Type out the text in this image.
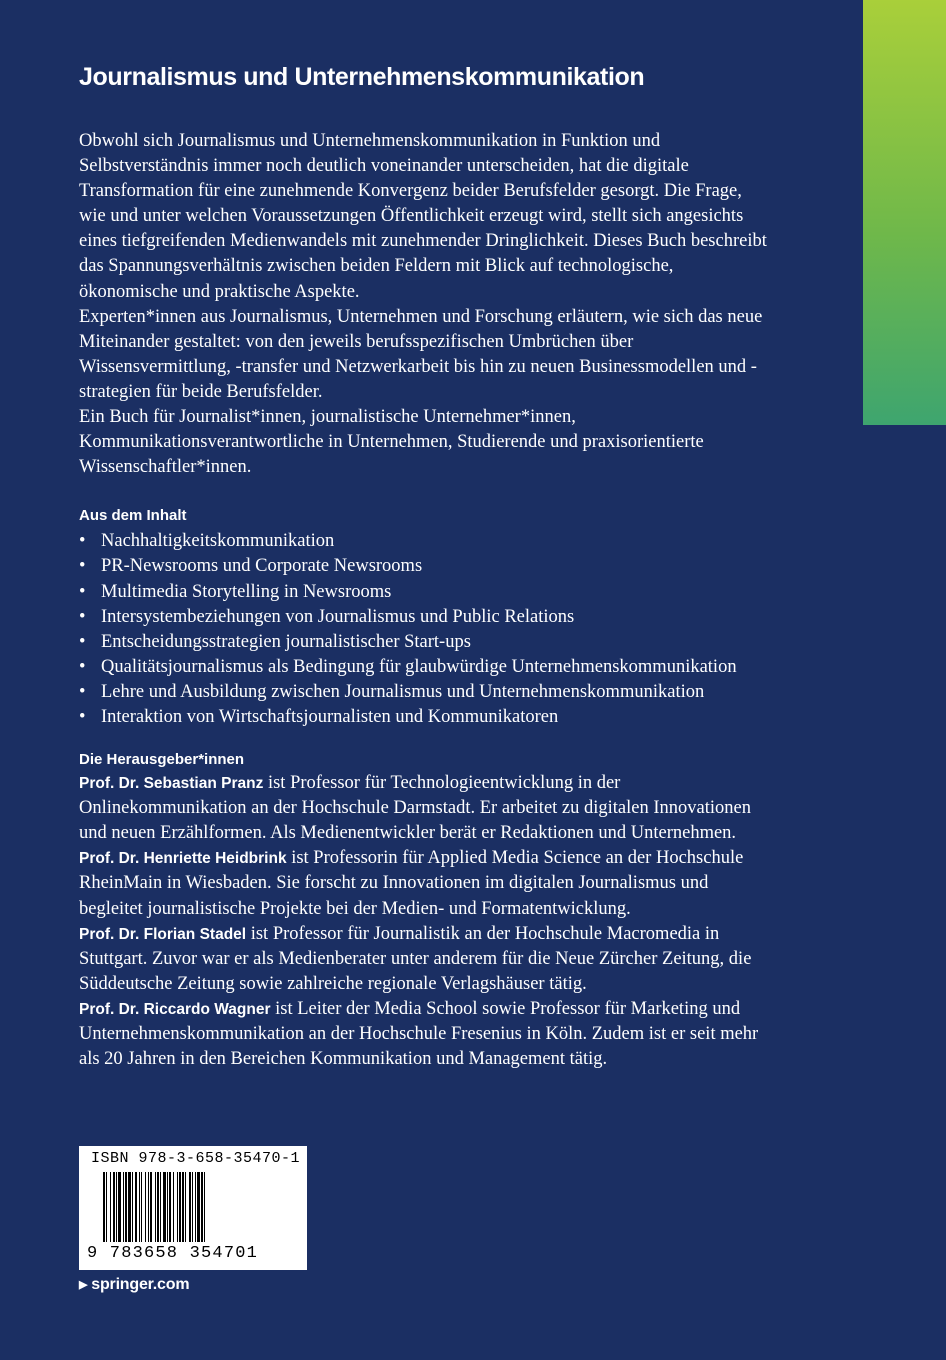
Journalismus und Unternehmenskommunikation

Obwohl sich Journalismus und Unternehmenskommunikation in Funktion und Selbstverständnis immer noch deutlich voneinander unterscheiden, hat die digitale Transformation für eine zunehmende Konvergenz beider Berufsfelder gesorgt. Die Frage, wie und unter welchen Voraussetzungen Öffentlichkeit erzeugt wird, stellt sich angesichts eines tiefgreifenden Medienwandels mit zunehmender Dringlichkeit. Dieses Buch beschreibt das Spannungsverhältnis zwischen beiden Feldern mit Blick auf technologische, ökonomische und praktische Aspekte.

Experten*innen aus Journalismus, Unternehmen und Forschung erläutern, wie sich das neue Miteinander gestaltet: von den jeweils berufsspezifischen Umbrüchen über Wissensvermittlung, -transfer und Netzwerkarbeit bis hin zu neuen Businessmodellen und -strategien für beide Berufsfelder.

Ein Buch für Journalist*innen, journalistische Unternehmer*innen, Kommunikationsverantwortliche in Unternehmen, Studierende und praxisorientierte Wissenschaftler*innen.

Aus dem Inhalt

• Nachhaltigkeitskommunikation
• PR-Newsrooms und Corporate Newsrooms
• Multimedia Storytelling in Newsrooms
• Intersystembeziehungen von Journalismus und Public Relations
• Entscheidungsstrategien journalistischer Start-ups
• Qualitätsjournalismus als Bedingung für glaubwürdige Unternehmenskommunikation
• Lehre und Ausbildung zwischen Journalismus und Unternehmenskommunikation
• Interaktion von Wirtschaftsjournalisten und Kommunikatoren

Die Herausgeber*innen

Prof. Dr. Sebastian Pranz ist Professor für Technologieentwicklung in der Onlinekommunikation an der Hochschule Darmstadt. Er arbeitet zu digitalen Innovationen und neuen Erzählformen. Als Medienentwickler berät er Redaktionen und Unternehmen.

Prof. Dr. Henriette Heidbrink ist Professorin für Applied Media Science an der Hochschule RheinMain in Wiesbaden. Sie forscht zu Innovationen im digitalen Journalismus und begleitet journalistische Projekte bei der Medien- und Formatentwicklung.

Prof. Dr. Florian Stadel ist Professor für Journalistik an der Hochschule Macromedia in Stuttgart. Zuvor war er als Medienberater unter anderem für die Neue Zürcher Zeitung, die Süddeutsche Zeitung sowie zahlreiche regionale Verlagshäuser tätig.

Prof. Dr. Riccardo Wagner ist Leiter der Media School sowie Professor für Marketing und Unternehmenskommunikation an der Hochschule Fresenius in Köln. Zudem ist er seit mehr als 20 Jahren in den Bereichen Kommunikation und Management tätig.

ISBN 978-3-658-35470-1
9 783658 354701
▶ springer.com
